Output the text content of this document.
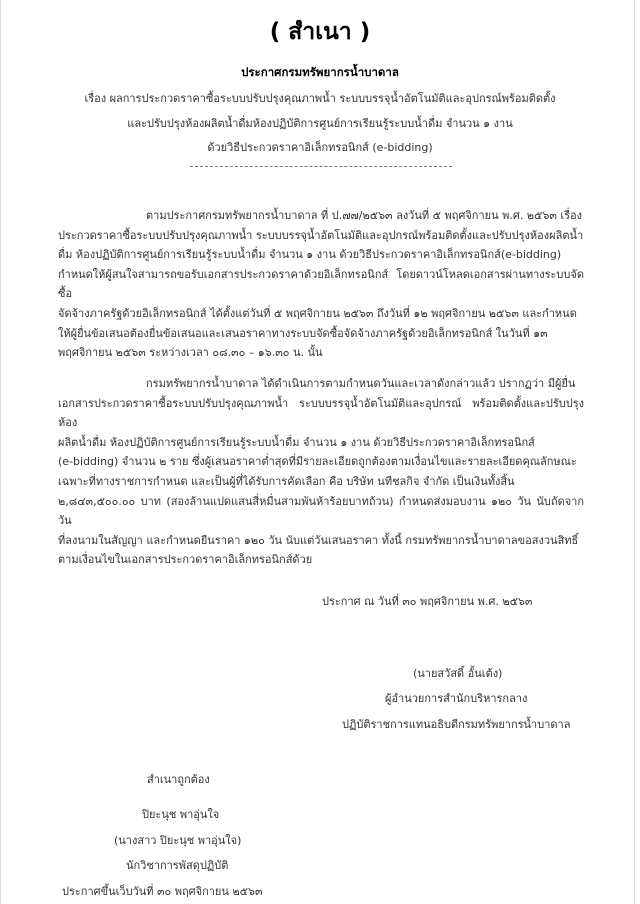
( สำเนา )
ประกาศกรมทรัพยากรน้ำบาดาล
เรื่อง ผลการประกวดราคาซื้อระบบปรับปรุงคุณภาพน้ำ ระบบบรรจุน้ำอัตโนมัติและอุปกรณ์พร้อมติดตั้ง
และปรับปรุงห้องผลิตน้ำดื่มห้องปฏิบัติการศูนย์การเรียนรู้ระบบน้ำดื่ม จำนวน ๑ งาน
ด้วยวิธีประกวดราคาอิเล็กทรอนิกส์ (e-bidding)
ตามประกาศกรมทรัพยากรน้ำบาดาล ที่ ป.๗๗/๒๕๖๓ ลงวันที่ ๕ พฤศจิกายน พ.ศ. ๒๕๖๓ เรื่อง
ประกวดราคาซื้อระบบปรับปรุงคุณภาพน้ำ ระบบบรรจุน้ำอัตโนมัติและอุปกรณ์พร้อมติดตั้งและปรับปรุงห้องผลิตน้ำ
ดื่ม ห้องปฏิบัติการศูนย์การเรียนรู้ระบบน้ำดื่ม จำนวน ๑ งาน ด้วยวิธีประกวดราคาอิเล็กทรอนิกส์(e-bidding)
กำหนดให้ผู้สนใจสามารถขอรับเอกสารประกวดราคาด้วยอิเล็กทรอนิกส์ โดยดาวน์โหลดเอกสารผ่านทางระบบจัดซื้อ
จัดจ้างภาครัฐด้วยอิเล็กทรอนิกส์ ได้ตั้งแต่วันที่ ๕ พฤศจิกายน ๒๕๖๓ ถึงวันที่ ๑๒ พฤศจิกายน ๒๕๖๓ และกำหนด
ให้ผู้ยื่นข้อเสนอต้องยื่นข้อเสนอและเสนอราคาทางระบบจัดซื้อจัดจ้างภาครัฐด้วยอิเล็กทรอนิกส์ ในวันที่ ๑๓
พฤศจิกายน ๒๕๖๓ ระหว่างเวลา ๐๘.๓๐ – ๑๖.๓๐ น. นั้น
กรมทรัพยากรน้ำบาดาล ได้ดำเนินการตามกำหนดวันและเวลาดังกล่าวแล้ว ปรากฏว่า มีผู้ยื่น
เอกสารประกวดราคาซื้อระบบปรับปรุงคุณภาพน้ำ ระบบบรรจุน้ำอัตโนมัติและอุปกรณ์ พร้อมติดตั้งและปรับปรุงห้อง
ผลิตน้ำดื่ม ห้องปฏิบัติการศูนย์การเรียนรู้ระบบน้ำดื่ม จำนวน ๑ งาน ด้วยวิธีประกวดราคาอิเล็กทรอนิกส์
(e-bidding) จำนวน ๒ ราย ซึ่งผู้เสนอราคาต่ำสุดที่มีรายละเอียดถูกต้องตามเงื่อนไขและรายละเอียดคุณลักษณะ
เฉพาะที่ทางราชการกำหนด และเป็นผู้ที่ได้รับการคัดเลือก คือ บริษัท นทีชลกิจ จำกัด เป็นเงินทั้งสิ้น
๒,๘๔๓,๕๐๐.๐๐ บาท (สองล้านแปดแสนสี่หมื่นสามพันห้าร้อยบาทถ้วน) กำหนดส่งมอบงาน ๑๒๐ วัน นับถัดจากวัน
ที่ลงนามในสัญญา และกำหนดยืนราคา ๑๒๐ วัน นับแต่วันเสนอราคา ทั้งนี้ กรมทรัพยากรน้ำบาดาลขอสงวนสิทธิ์
ตามเงื่อนไขในเอกสารประกวดราคาอิเล็กทรอนิกส์ด้วย
ประกาศ ณ วันที่ ๓๐ พฤศจิกายน พ.ศ. ๒๕๖๓
(นายสวัสดิ์ อั้นเต้ง)
ผู้อำนวยการสำนักบริหารกลาง
ปฏิบัติราชการแทนอธิบดีกรมทรัพยากรน้ำบาดาล
สำเนาถูกต้อง
ปิยะนุช พาอุ่นใจ
(นางสาว ปิยะนุช พาอุ่นใจ)
นักวิชาการพัสดุปฏิบัติ
ประกาศขึ้นเว็บวันที่ ๓๐ พฤศจิกายน ๒๕๖๓
